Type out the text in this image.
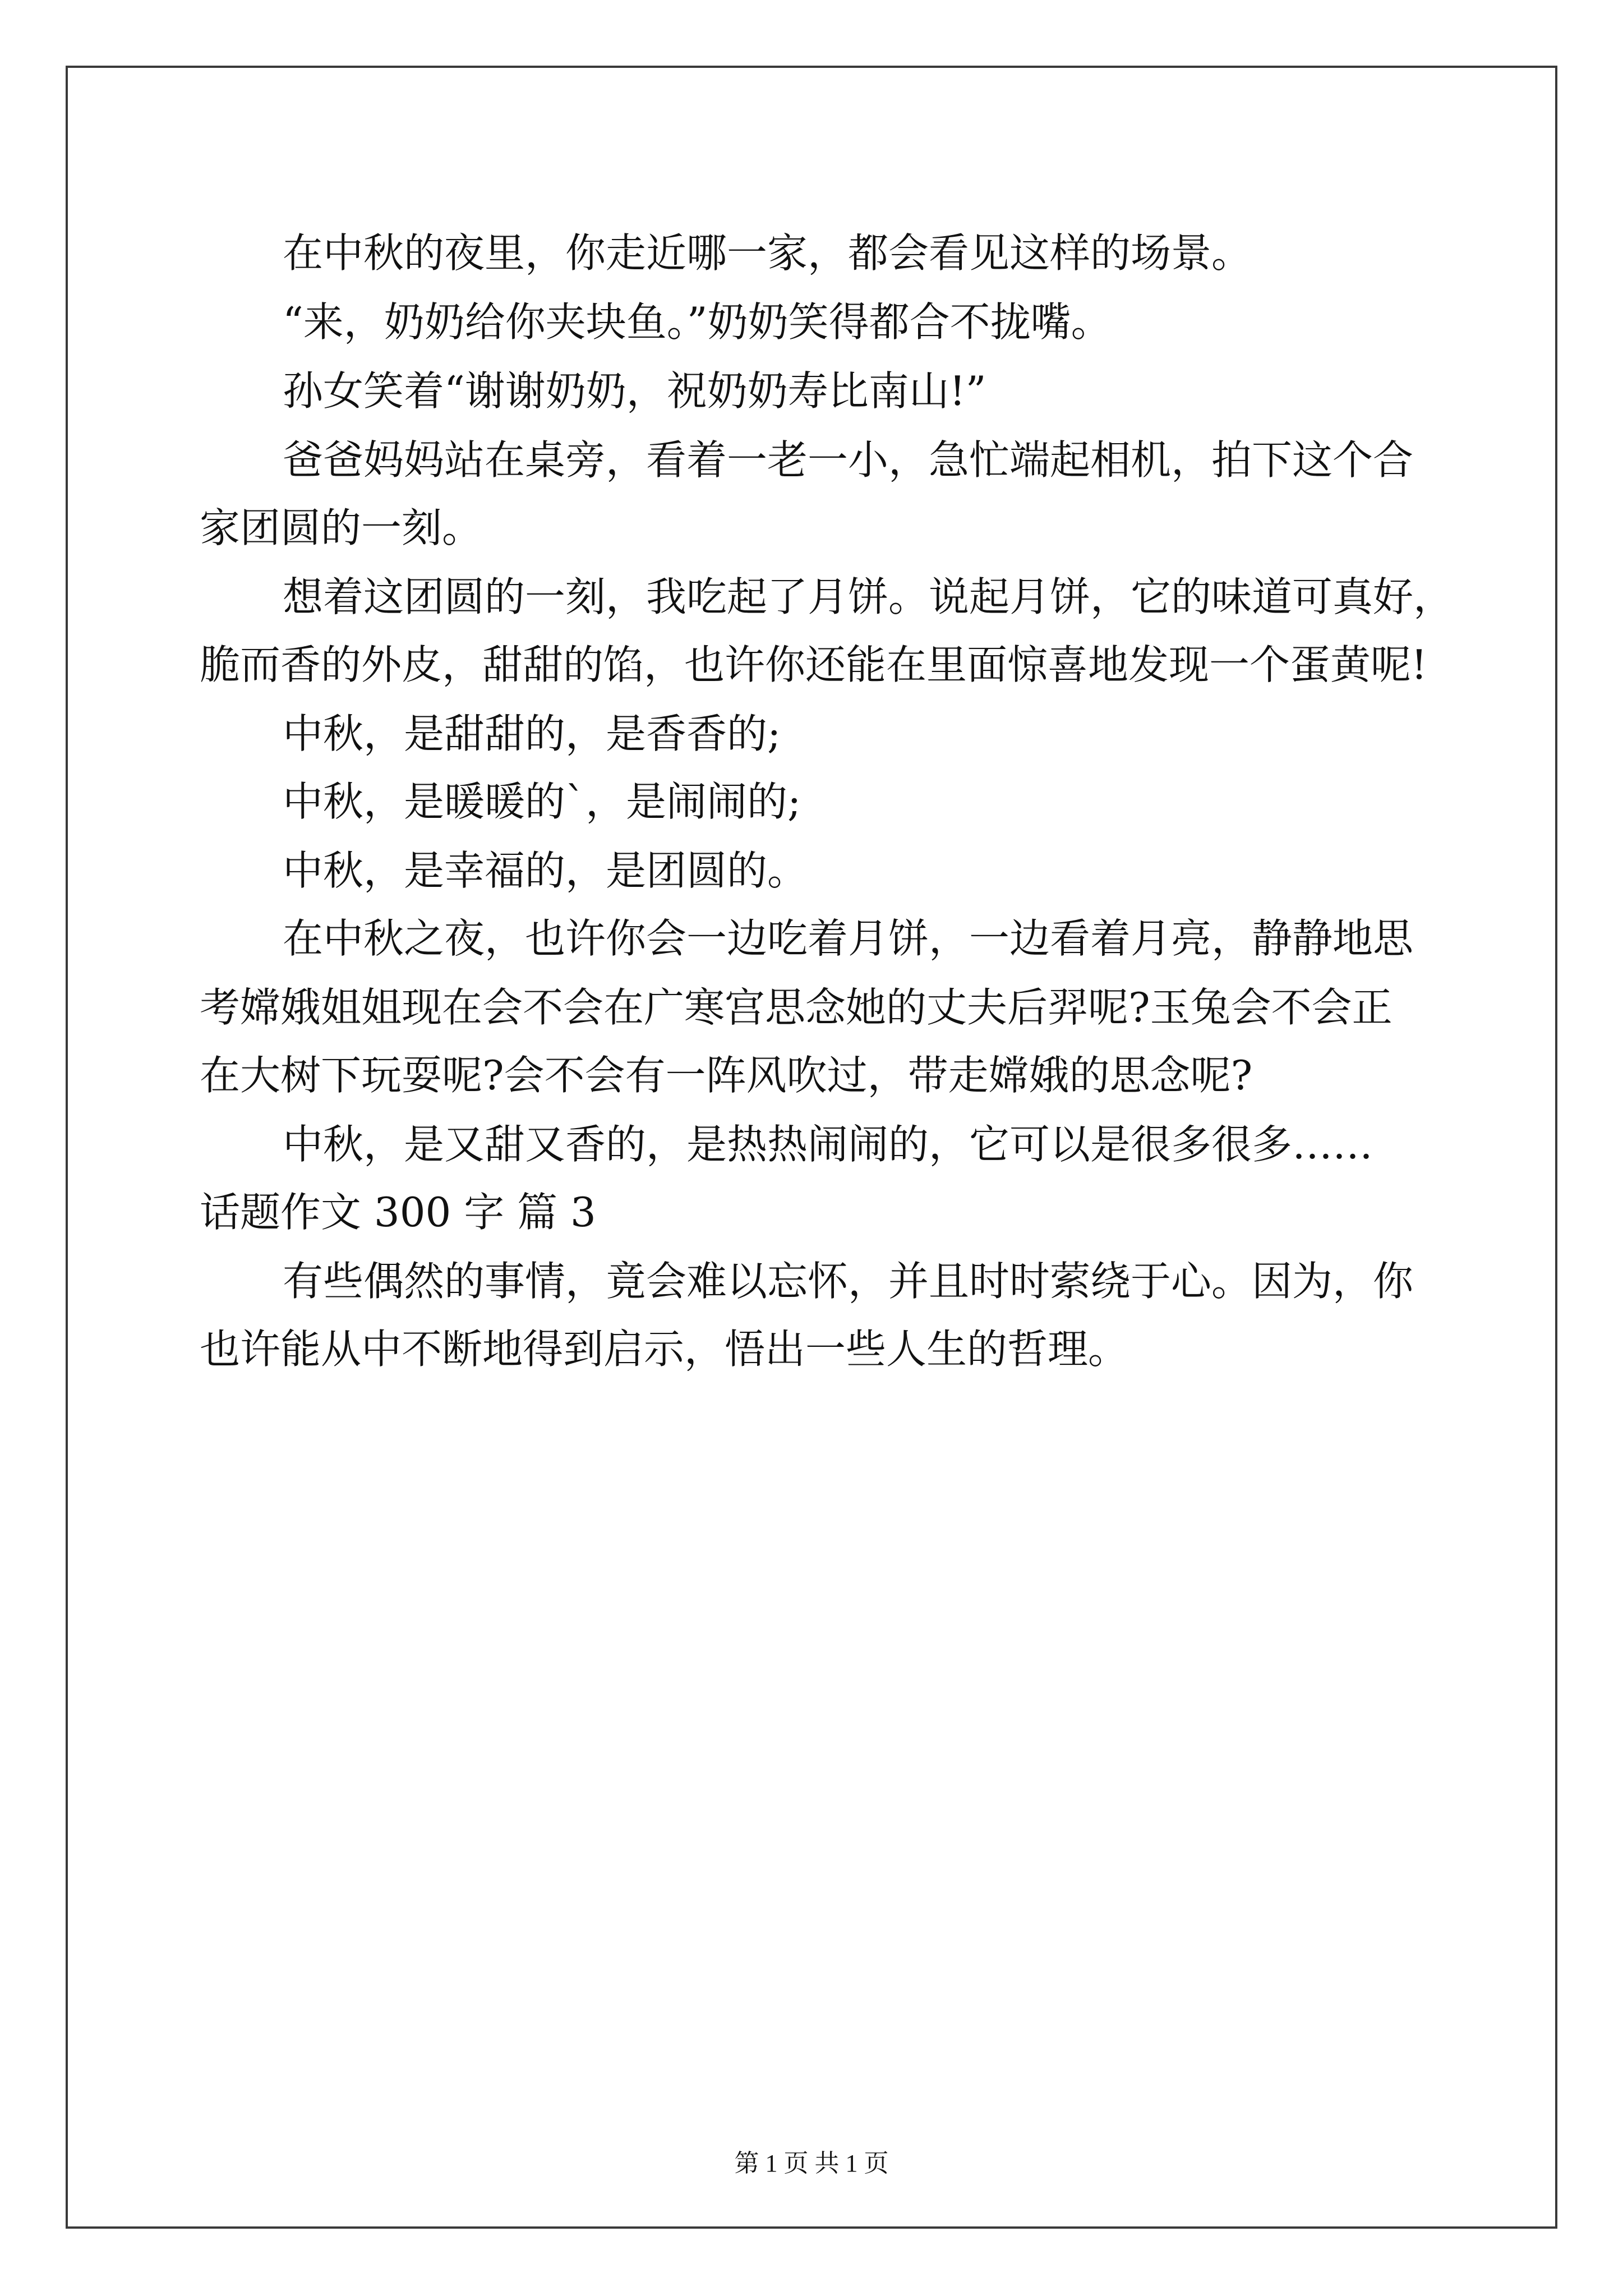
在中秋的夜里，你走近哪一家，都会看见这样的场景。
“来，奶奶给你夹块鱼。”奶奶笑得都合不拢嘴。
孙女笑着“谢谢奶奶，祝奶奶寿比南山!”
爸爸妈妈站在桌旁，看着一老一小，急忙端起相机，拍下这个合
家团圆的一刻。
想着这团圆的一刻，我吃起了月饼。说起月饼，它的味道可真好，
脆而香的外皮，甜甜的馅，也许你还能在里面惊喜地发现一个蛋黄呢!
中秋，是甜甜的，是香香的;
中秋，是暖暖的`，是闹闹的;
中秋，是幸福的，是团圆的。
在中秋之夜，也许你会一边吃着月饼，一边看着月亮，静静地思
考嫦娥姐姐现在会不会在广寒宫思念她的丈夫后羿呢?玉兔会不会正
在大树下玩耍呢?会不会有一阵风吹过，带走嫦娥的思念呢?
中秋，是又甜又香的，是热热闹闹的，它可以是很多很多……
话题作文 300 字 篇 3
有些偶然的事情，竟会难以忘怀，并且时时萦绕于心。因为，你
也许能从中不断地得到启示，悟出一些人生的哲理。
第 1 页 共 1 页
